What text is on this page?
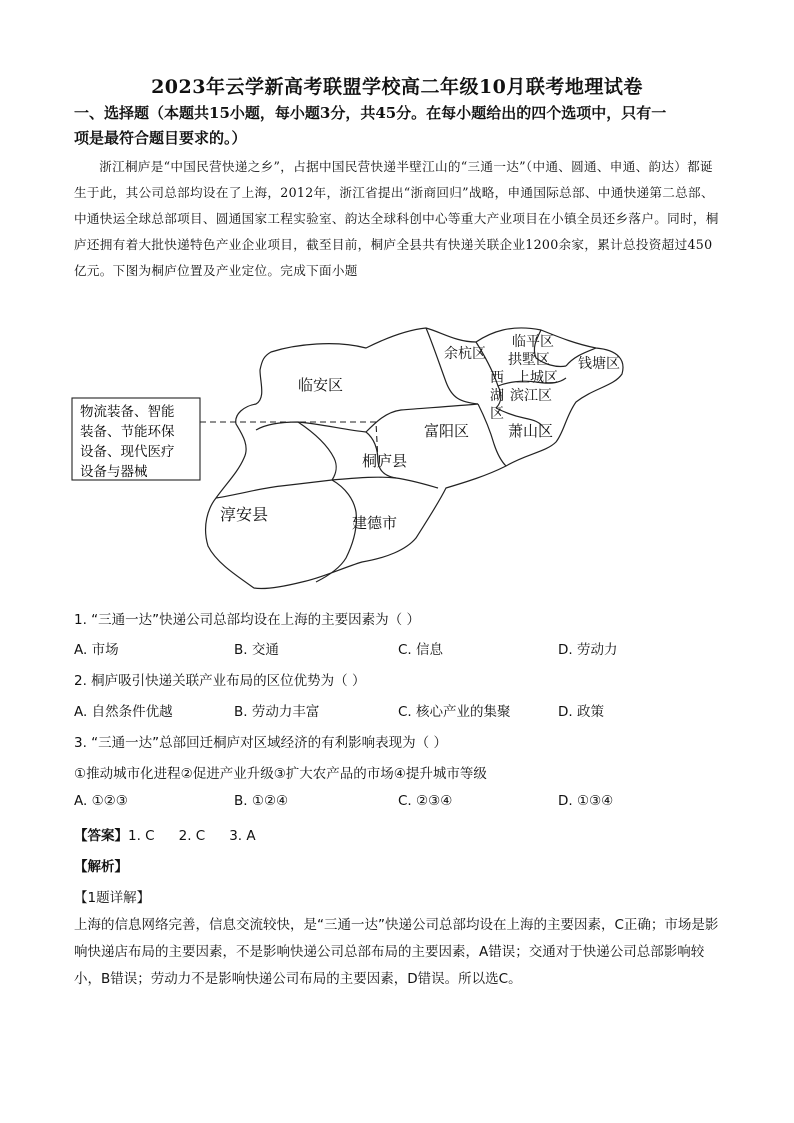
2023年云学新高考联盟学校高二年级10月联考地理试卷
一、选择题（本题共15小题，每小题3分，共45分。在每小题给出的四个选项中，只有一
项是最符合题目要求的。）
浙江桐庐是“中国民营快递之乡”，占据中国民营快递半壁江山的“三通一达”（中通、圆通、申通、韵达）都诞生于此，其公司总部均设在了上海，2012年，浙江省提出“浙商回归”战略，申通国际总部、中通快递第二总部、中通快运全球总部项目、圆通国家工程实验室、韵达全球科创中心等重大产业项目在小镇全员还乡落户。同时，桐庐还拥有着大批快递特色产业企业项目，截至目前，桐庐全县共有快递关联企业1200余家，累计总投资超过450亿元。下图为桐庐位置及产业定位。完成下面小题
物流装备、智能
装备、节能环保
设备、现代医疗
设备与器械
临平区
余杭区 拱墅区
上城区
钱塘区
西
湖
区
滨江区
临安区
富阳区	萧山区
桐庐县
淳安县	建德市
1. “三通一达”快递公司总部均设在上海的主要因素为（ ）
A. 市场	B. 交通	C. 信息	D. 劳动力
2. 桐庐吸引快递关联产业布局的区位优势为（ ）
A. 自然条件优越	B. 劳动力丰富	C. 核心产业的集聚	D. 政策
3. “三通一达”总部回迁桐庐对区域经济的有利影响表现为（ ）
①推动城市化进程②促进产业升级③扩大农产品的市场④提升城市等级
A. ①②③	B. ①②④	C. ②③④	D. ①③④
【答案】1. C 2. C 3. A
【解析】
【1题详解】
上海的信息网络完善，信息交流较快，是“三通一达”快递公司总部均设在上海的主要因素，C正确；市场是影响快递店布局的主要因素，不是影响快递公司总部布局的主要因素，A错误；交通对于快递公司总部影响较小，B错误；劳动力不是影响快递公司布局的主要因素，D错误。所以选C。
